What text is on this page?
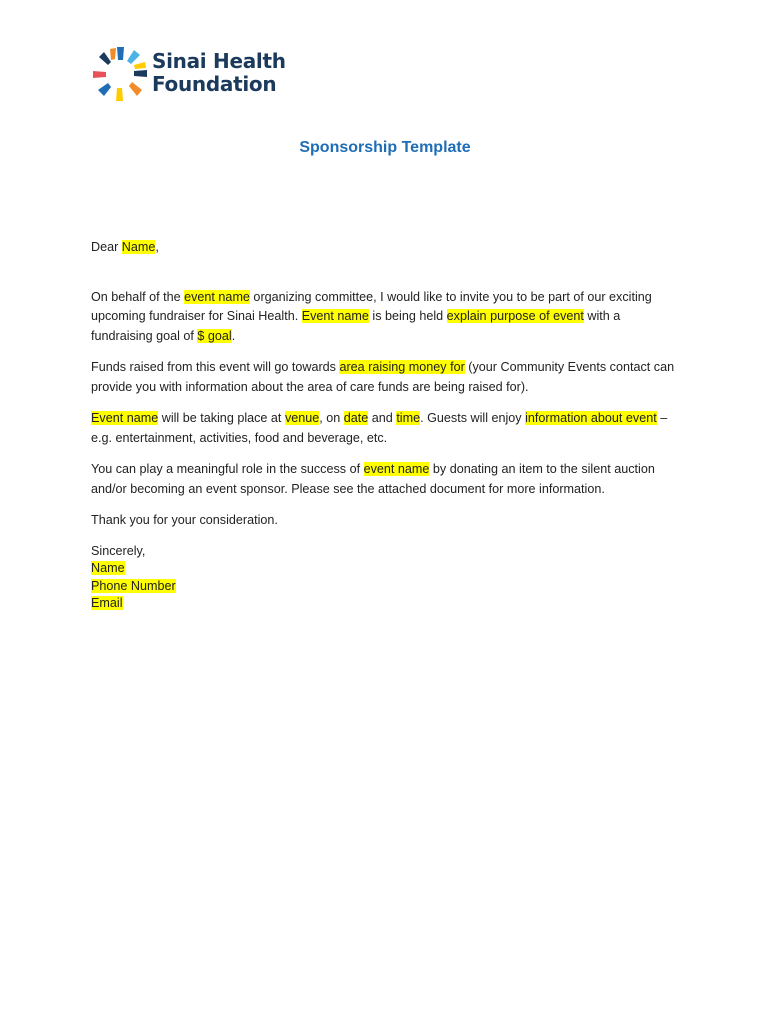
Sinai Health
Foundation
Sponsorship Template

Dear Name,

On behalf of the event name organizing committee, I would like to invite you to be part of our exciting upcoming fundraiser for Sinai Health. Event name is being held explain purpose of event with a fundraising goal of $ goal.

Funds raised from this event will go towards area raising money for (your Community Events contact can provide you with information about the area of care funds are being raised for).

Event name will be taking place at venue, on date and time. Guests will enjoy information about event – e.g. entertainment, activities, food and beverage, etc.

You can play a meaningful role in the success of event name by donating an item to the silent auction and/or becoming an event sponsor. Please see the attached document for more information.

Thank you for your consideration.

Sincerely,
Name
Phone Number
Email
